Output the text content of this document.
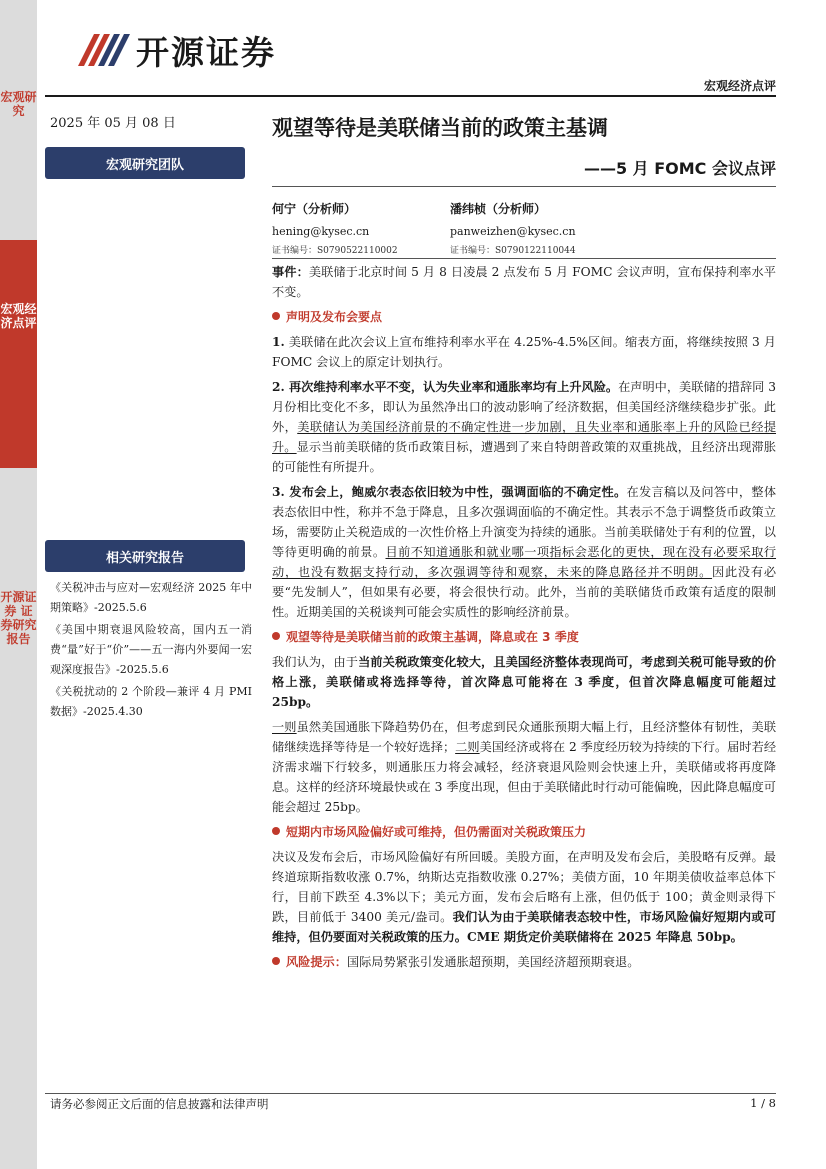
宏观研究
宏观经济点评
开源证券 证券研究报告
开源证券
宏观经济点评
2025 年 05 月 08 日
宏观研究团队
观望等待是美联储当前的政策主基调
——5 月 FOMC 会议点评
何宁（分析师）
hening@kysec.cn
证书编号：S0790522110002
潘纬桢（分析师）
panweizhen@kysec.cn
证书编号：S0790122110044

事件：美联储于北京时间 5 月 8 日凌晨 2 点发布 5 月 FOMC 会议声明，宣布保持利率水平不变。

声明及发布会要点

1. 美联储在此次会议上宣布维持利率水平在 4.25%-4.5%区间。缩表方面，将继续按照 3 月 FOMC 会议上的原定计划执行。

2. 再次维持利率水平不变，认为失业率和通胀率均有上升风险。在声明中，美联储的措辞同 3 月份相比变化不多，即认为虽然净出口的波动影响了经济数据，但美国经济继续稳步扩张。此外，美联储认为美国经济前景的不确定性进一步加剧，且失业率和通胀率上升的风险已经提升。显示当前美联储的货币政策目标，遭遇到了来自特朗普政策的双重挑战，且经济出现滞胀的可能性有所提升。

3. 发布会上，鲍威尔表态依旧较为中性，强调面临的不确定性。在发言稿以及问答中，整体表态依旧中性，称并不急于降息，且多次强调面临的不确定性。其表示不急于调整货币政策立场，需要防止关税造成的一次性价格上升演变为持续的通胀。当前美联储处于有利的位置，以等待更明确的前景。目前不知道通胀和就业哪一项指标会恶化的更快，现在没有必要采取行动，也没有数据支持行动，多次强调等待和观察，未来的降息路径并不明朗。因此没有必要“先发制人”，但如果有必要，将会很快行动。此外，当前的美联储货币政策有适度的限制性。近期美国的关税谈判可能会实质性的影响经济前景。

观望等待是美联储当前的政策主基调，降息或在 3 季度

我们认为，由于当前关税政策变化较大，且美国经济整体表现尚可，考虑到关税可能导致的价格上涨，美联储或将选择等待，首次降息可能将在 3 季度，但首次降息幅度可能超过 25bp。

一则虽然美国通胀下降趋势仍在，但考虑到民众通胀预期大幅上行，且经济整体有韧性，美联储继续选择等待是一个较好选择；二则美国经济或将在 2 季度经历较为持续的下行。届时若经济需求端下行较多，则通胀压力将会减轻，经济衰退风险则会快速上升，美联储或将再度降息。这样的经济环境最快或在 3 季度出现，但由于美联储此时行动可能偏晚，因此降息幅度可能会超过 25bp。

短期内市场风险偏好或可维持，但仍需面对关税政策压力

决议及发布会后，市场风险偏好有所回暖。美股方面，在声明及发布会后，美股略有反弹。最终道琼斯指数收涨 0.7%，纳斯达克指数收涨 0.27%；美债方面，10 年期美债收益率总体下行，目前下跌至 4.3%以下；美元方面，发布会后略有上涨，但仍低于 100；黄金则录得下跌，目前低于 3400 美元/盎司。我们认为由于美联储表态较中性，市场风险偏好短期内或可维持，但仍要面对关税政策的压力。CME 期货定价美联储将在 2025 年降息 50bp。

风险提示：国际局势紧张引发通胀超预期，美国经济超预期衰退。

相关研究报告

《关税冲击与应对—宏观经济 2025 年中期策略》-2025.5.6

《美国中期衰退风险较高，国内五一消费“量”好于“价”——五一海内外要闻一宏观深度报告》-2025.5.6

《关税扰动的 2 个阶段—兼评 4 月 PMI 数据》-2025.4.30

请务必参阅正文后面的信息披露和法律声明	1 / 8
